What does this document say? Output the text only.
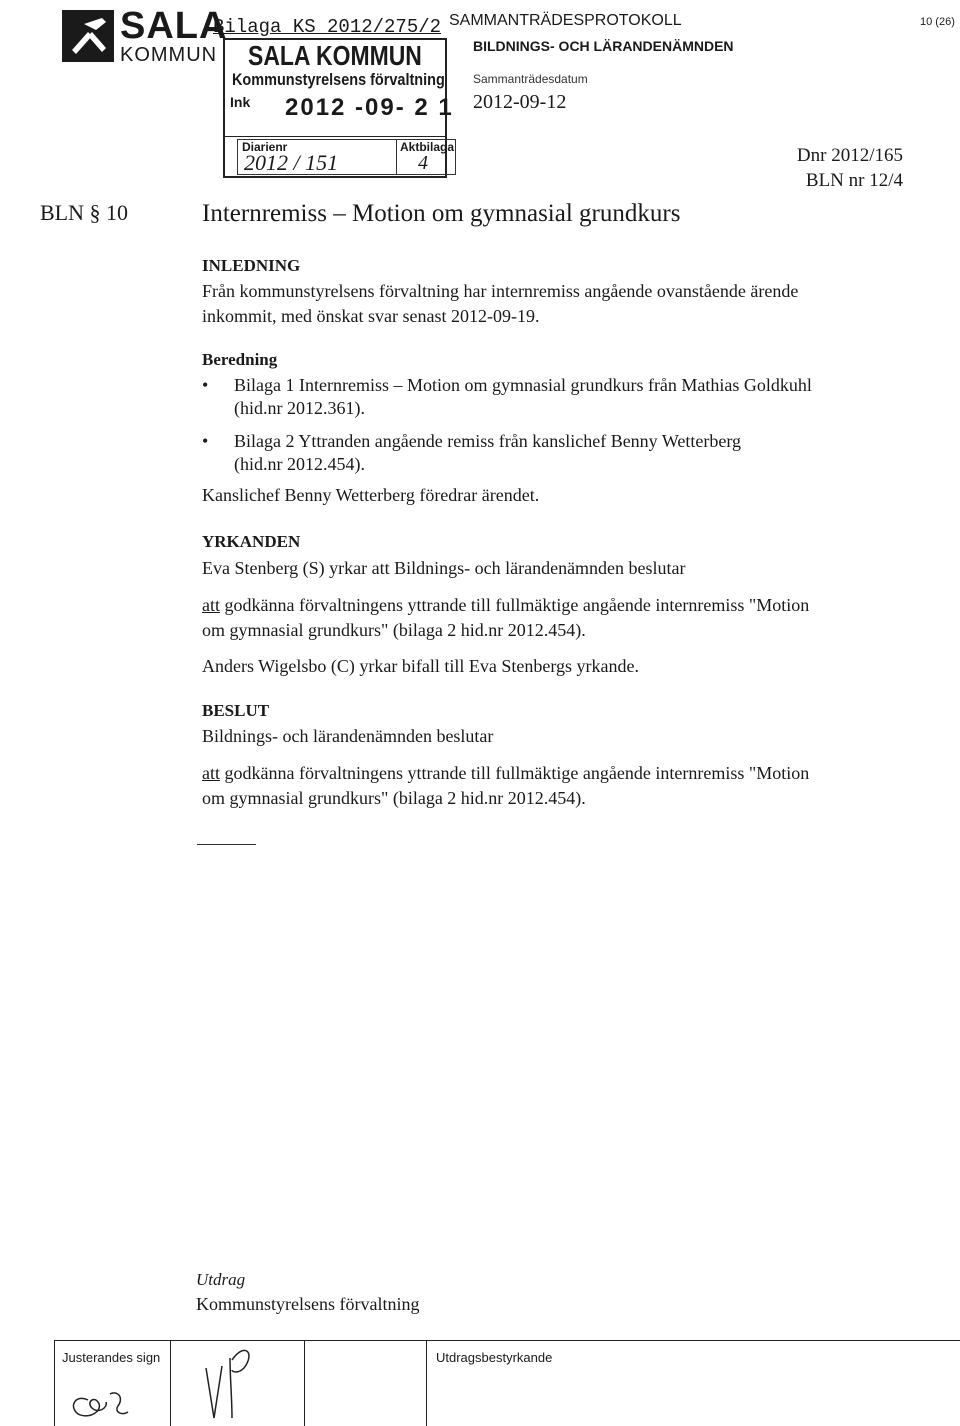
SALA
KOMMUN
Bilaga KS 2012/275/2
SALA KOMMUN
Kommunstyrelsens förvaltning
Ink 2012 -09- 2 1
Diarienr
2012 / 151
Aktbilaga
4
SAMMANTRÄDESPROTOKOLL
BILDNINGS- OCH LÄRANDENÄMNDEN
Sammanträdesdatum
2012-09-12
10 (26)
Dnr 2012/165
BLN nr 12/4
BLN § 10	Internremiss – Motion om gymnasial grundkurs
INLEDNING
Från kommunstyrelsens förvaltning har internremiss angående ovanstående ärende
inkommit, med önskat svar senast 2012-09-19.
Beredning
• Bilaga 1 Internremiss – Motion om gymnasial grundkurs från Mathias Goldkuhl
(hid.nr 2012.361).
• Bilaga 2 Yttranden angående remiss från kanslichef Benny Wetterberg
(hid.nr 2012.454).
Kanslichef Benny Wetterberg föredrar ärendet.
YRKANDEN
Eva Stenberg (S) yrkar att Bildnings- och lärandenämnden beslutar
att godkänna förvaltningens yttrande till fullmäktige angående internremiss "Motion
om gymnasial grundkurs" (bilaga 2 hid.nr 2012.454).
Anders Wigelsbo (C) yrkar bifall till Eva Stenbergs yrkande.
BESLUT
Bildnings- och lärandenämnden beslutar
att godkänna förvaltningens yttrande till fullmäktige angående internremiss "Motion
om gymnasial grundkurs" (bilaga 2 hid.nr 2012.454).
Utdrag
Kommunstyrelsens förvaltning
Justerandes sign	Utdragsbestyrkande
